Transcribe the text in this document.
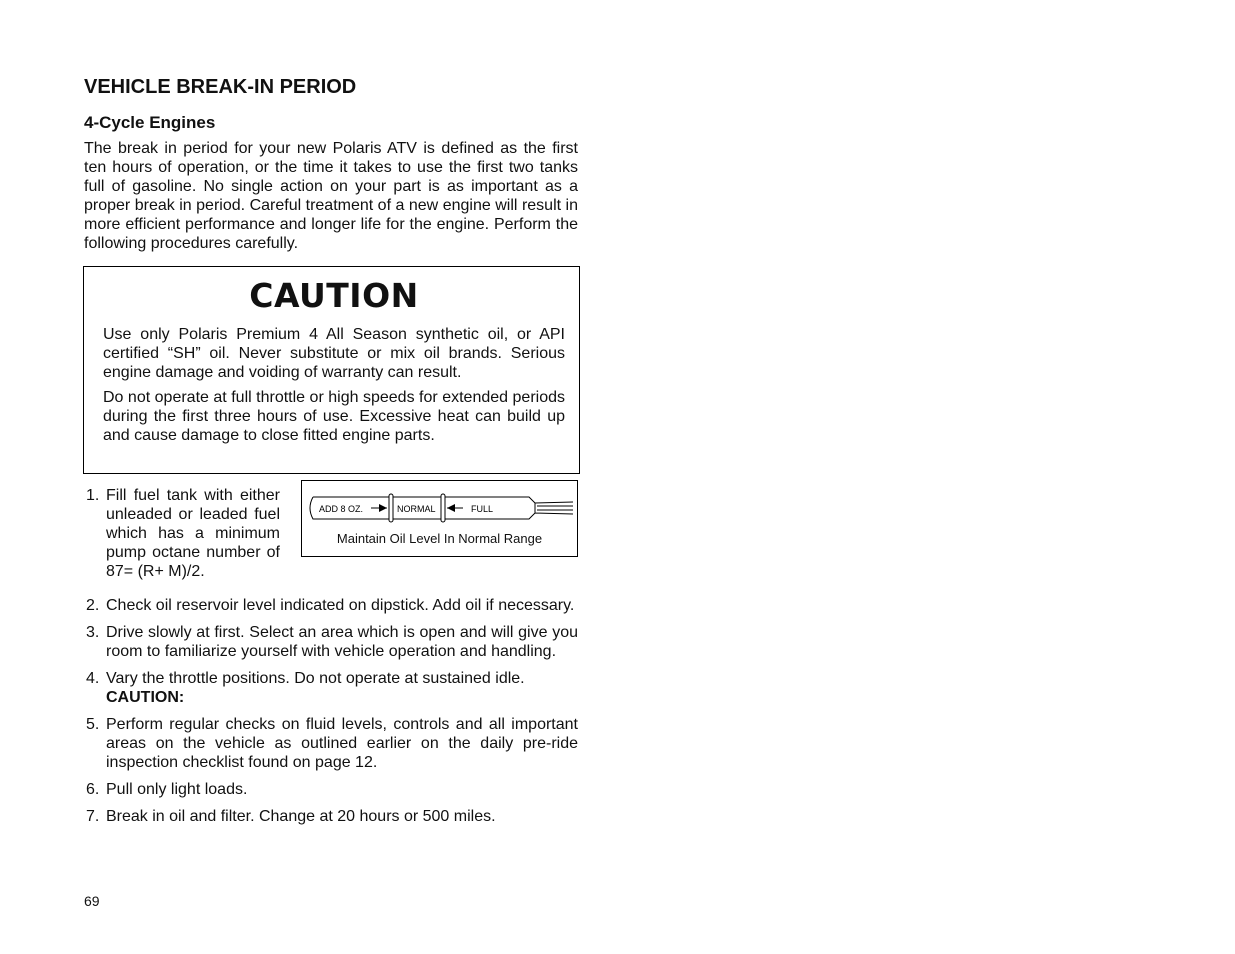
VEHICLE BREAK-IN PERIOD
4-Cycle Engines

The break in period for your new Polaris ATV is defined as the first ten hours of operation, or the time it takes to use the first two tanks full of gasoline. No single action on your part is as important as a proper break in period. Careful treatment of a new engine will result in more efficient performance and longer life for the engine. Perform the following procedures carefully.

CAUTION

Use only Polaris Premium 4 All Season synthetic oil, or API certified “SH” oil. Never substitute or mix oil brands. Serious engine damage and voiding of warranty can result.

Do not operate at full throttle or high speeds for extended periods during the first three hours of use. Excessive heat can build up and cause damage to close fitted engine parts.

1. Fill fuel tank with either unleaded or leaded fuel which has a minimum pump octane number of 87= (R+ M)/2.
ADD 8 OZ.	NORMAL	FULL
Maintain Oil Level In Normal Range
2. Check oil reservoir level indicated on dipstick. Add oil if necessary.
3. Drive slowly at first. Select an area which is open and will give you room to familiarize yourself with vehicle operation and handling.
4. Vary the throttle positions. Do not operate at sustained idle.
CAUTION:
5. Perform regular checks on fluid levels, controls and all important areas on the vehicle as outlined earlier on the daily pre-ride inspection checklist found on page 12.
6. Pull only light loads.
7. Break in oil and filter. Change at 20 hours or 500 miles.
69
